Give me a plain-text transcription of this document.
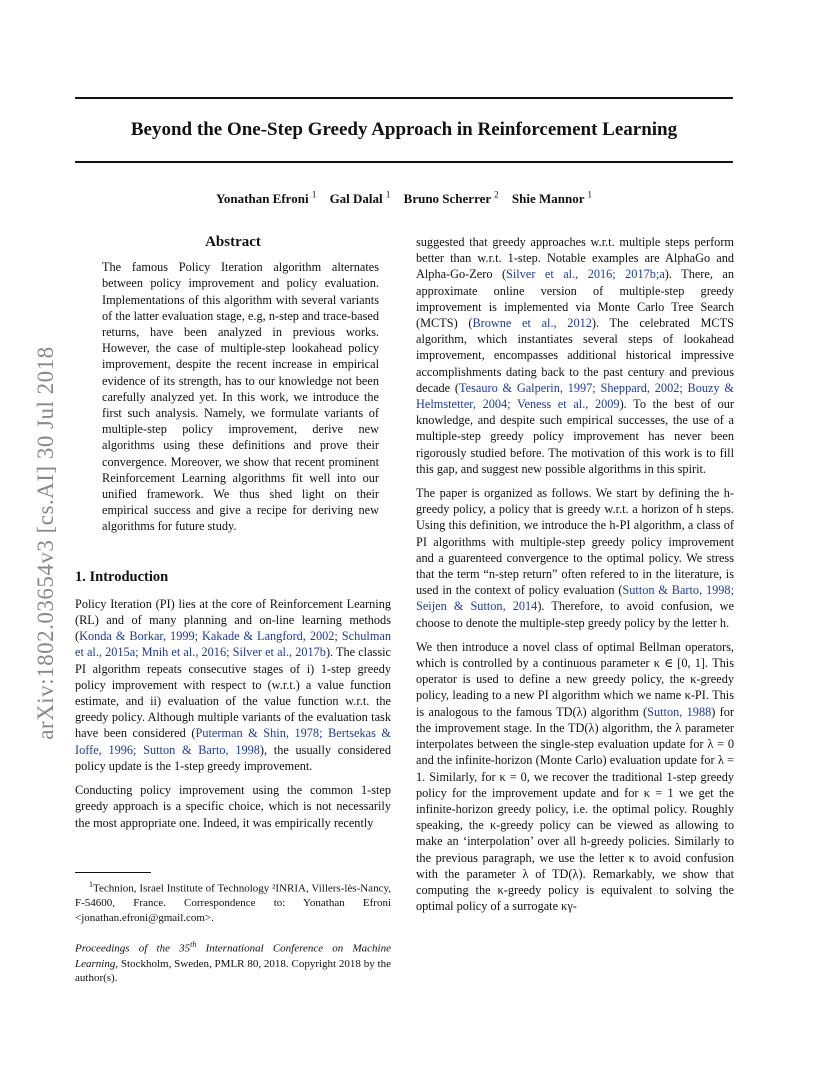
Beyond the One-Step Greedy Approach in Reinforcement Learning
Yonathan Efroni $^1$ Gal Dalal $^1$ Bruno Scherrer $^2$ Shie Mannor $^1$
arXiv:1802.03654v3 [cs.AI] 30 Jul 2018
Abstract

The famous Policy Iteration algorithm alternates between policy improvement and policy evaluation. Implementations of this algorithm with several variants of the latter evaluation stage, e.g, n-step and trace-based returns, have been analyzed in previous works. However, the case of multiple-step lookahead policy improvement, despite the recent increase in empirical evidence of its strength, has to our knowledge not been carefully analyzed yet. In this work, we introduce the first such analysis. Namely, we formulate variants of multiple-step policy improvement, derive new algorithms using these definitions and prove their convergence. Moreover, we show that recent prominent Reinforcement Learning algorithms fit well into our unified framework. We thus shed light on their empirical success and give a recipe for deriving new algorithms for future study.

1. Introduction

Policy Iteration (PI) lies at the core of Reinforcement Learning (RL) and of many planning and on-line learning methods (Konda & Borkar, 1999; Kakade & Langford, 2002; Schulman et al., 2015a; Mnih et al., 2016; Silver et al., 2017b). The classic PI algorithm repeats consecutive stages of i) 1-step greedy policy improvement with respect to (w.r.t.) a value function estimate, and ii) evaluation of the value function w.r.t. the greedy policy. Although multiple variants of the evaluation task have been considered (Puterman & Shin, 1978; Bertsekas & Ioffe, 1996; Sutton & Barto, 1998), the usually considered policy update is the 1-step greedy improvement.

Conducting policy improvement using the common 1-step greedy approach is a specific choice, which is not necessarily the most appropriate one. Indeed, it was empirically recently

$^1$Technion, Israel Institute of Technology ²INRIA, Villers-lès-Nancy, F-54600, France. Correspondence to: Yonathan Efroni <jonathan.efroni@gmail.com>.

Proceedings of the 35th International Conference on Machine Learning, Stockholm, Sweden, PMLR 80, 2018. Copyright 2018 by the author(s).

suggested that greedy approaches w.r.t. multiple steps perform better than w.r.t. 1-step. Notable examples are AlphaGo and Alpha-Go-Zero (Silver et al., 2016; 2017b;a). There, an approximate online version of multiple-step greedy improvement is implemented via Monte Carlo Tree Search (MCTS) (Browne et al., 2012). The celebrated MCTS algorithm, which instantiates several steps of lookahead improvement, encompasses additional historical impressive accomplishments dating back to the past century and previous decade (Tesauro & Galperin, 1997; Sheppard, 2002; Bouzy & Helmstetter, 2004; Veness et al., 2009). To the best of our knowledge, and despite such empirical successes, the use of a multiple-step greedy policy improvement has never been rigorously studied before. The motivation of this work is to fill this gap, and suggest new possible algorithms in this spirit.

The paper is organized as follows. We start by defining the h-greedy policy, a policy that is greedy w.r.t. a horizon of h steps. Using this definition, we introduce the h-PI algorithm, a class of PI algorithms with multiple-step greedy policy improvement and a guarenteed convergence to the optimal policy. We stress that the term “n-step return” often refered to in the literature, is used in the context of policy evaluation (Sutton & Barto, 1998; Seijen & Sutton, 2014). Therefore, to avoid confusion, we choose to denote the multiple-step greedy policy by the letter h.

We then introduce a novel class of optimal Bellman operators, which is controlled by a continuous parameter κ ∈ [0, 1]. This operator is used to define a new greedy policy, the κ-greedy policy, leading to a new PI algorithm which we name κ-PI. This is analogous to the famous TD(λ) algorithm (Sutton, 1988) for the improvement stage. In the TD(λ) algorithm, the λ parameter interpolates between the single-step evaluation update for λ = 0 and the infinite-horizon (Monte Carlo) evaluation update for λ = 1. Similarly, for κ = 0, we recover the traditional 1-step greedy policy for the improvement update and for κ = 1 we get the infinite-horizon greedy policy, i.e. the optimal policy. Roughly speaking, the κ-greedy policy can be viewed as allowing to make an ‘interpolation’ over all h-greedy policies. Similarly to the previous paragraph, we use the letter κ to avoid confusion with the parameter λ of TD(λ). Remarkably, we show that computing the κ-greedy policy is equivalent to solving the optimal policy of a surrogate κγ-
